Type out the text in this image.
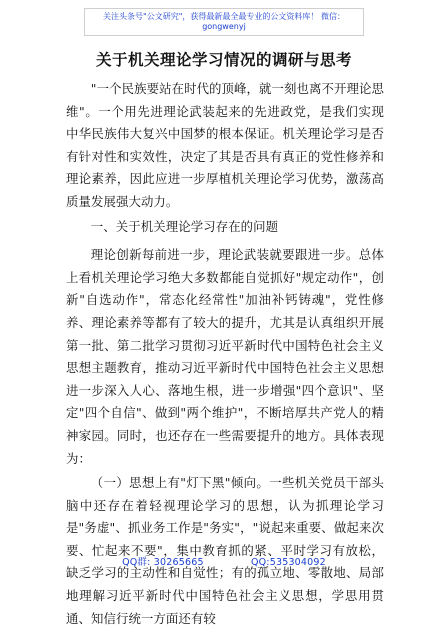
关注头条号"公文研究"，获得最新最全最专业的公文资料库！ 微信：gongwenyj
关于机关理论学习情况的调研与思考

"一个民族要站在时代的顶峰，就一刻也离不开理论思维"。一个用先进理论武装起来的先进政党，是我们实现中华民族伟大复兴中国梦的根本保证。机关理论学习是否有针对性和实效性，决定了其是否具有真正的党性修养和理论素养，因此应进一步厚植机关理论学习优势，激荡高质量发展强大动力。

一、关于机关理论学习存在的问题

理论创新每前进一步，理论武装就要跟进一步。总体上看机关理论学习绝大多数都能自觉抓好"规定动作"，创新"自选动作"，常态化经常性"加油补钙铸魂"，党性修养、理论素养等都有了较大的提升，尤其是认真组织开展第一批、第二批学习贯彻习近平新时代中国特色社会主义思想主题教育，推动习近平新时代中国特色社会主义思想进一步深入人心、落地生根，进一步增强"四个意识"、坚定"四个自信"、做到"两个维护"，不断培厚共产党人的精神家园。同时，也还存在一些需要提升的地方。具体表现为：

（一）思想上有"灯下黑"倾向。一些机关党员干部头脑中还存在着轻视理论学习的思想，认为抓理论学习是"务虚"、抓业务工作是"务实"，"说起来重要、做起来次要、忙起来不要"，集中教育抓的紧、平时学习有放松，缺乏学习的主动性和自觉性；有的孤立地、零散地、局部地理解习近平新时代中国特色社会主义思想，学思用贯通、知信行统一方面还有较

QQ群: 30265665	QQ:535304092
